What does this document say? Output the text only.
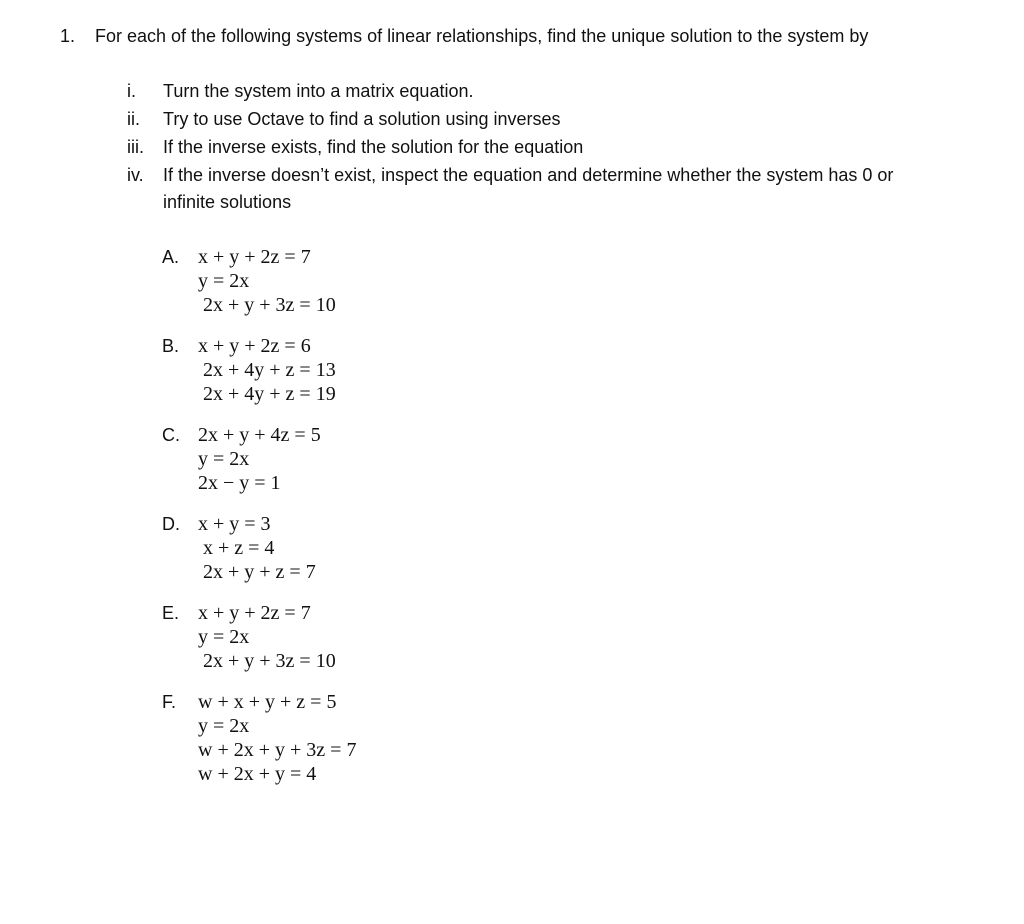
1. For each of the following systems of linear relationships, find the unique solution to the system by
i.	Turn the system into a matrix equation.
ii.	Try to use Octave to find a solution using inverses
iii.	If the inverse exists, find the solution for the equation
iv.	If the inverse doesn’t exist, inspect the equation and determine whether the system has 0 or infinite solutions
A. x + y + 2z = 7
y = 2x
2x + y + 3z = 10
B. x + y + 2z = 6
2x + 4y + z = 13
2x + 4y + z = 19
C. 2x + y + 4z = 5
y = 2x
2x − y = 1
D. x + y = 3
x + z = 4
2x + y + z = 7
E. x + y + 2z = 7
y = 2x
2x + y + 3z = 10
F. w + x + y + z = 5
y = 2x
w + 2x + y + 3z = 7
w + 2x + y = 4
